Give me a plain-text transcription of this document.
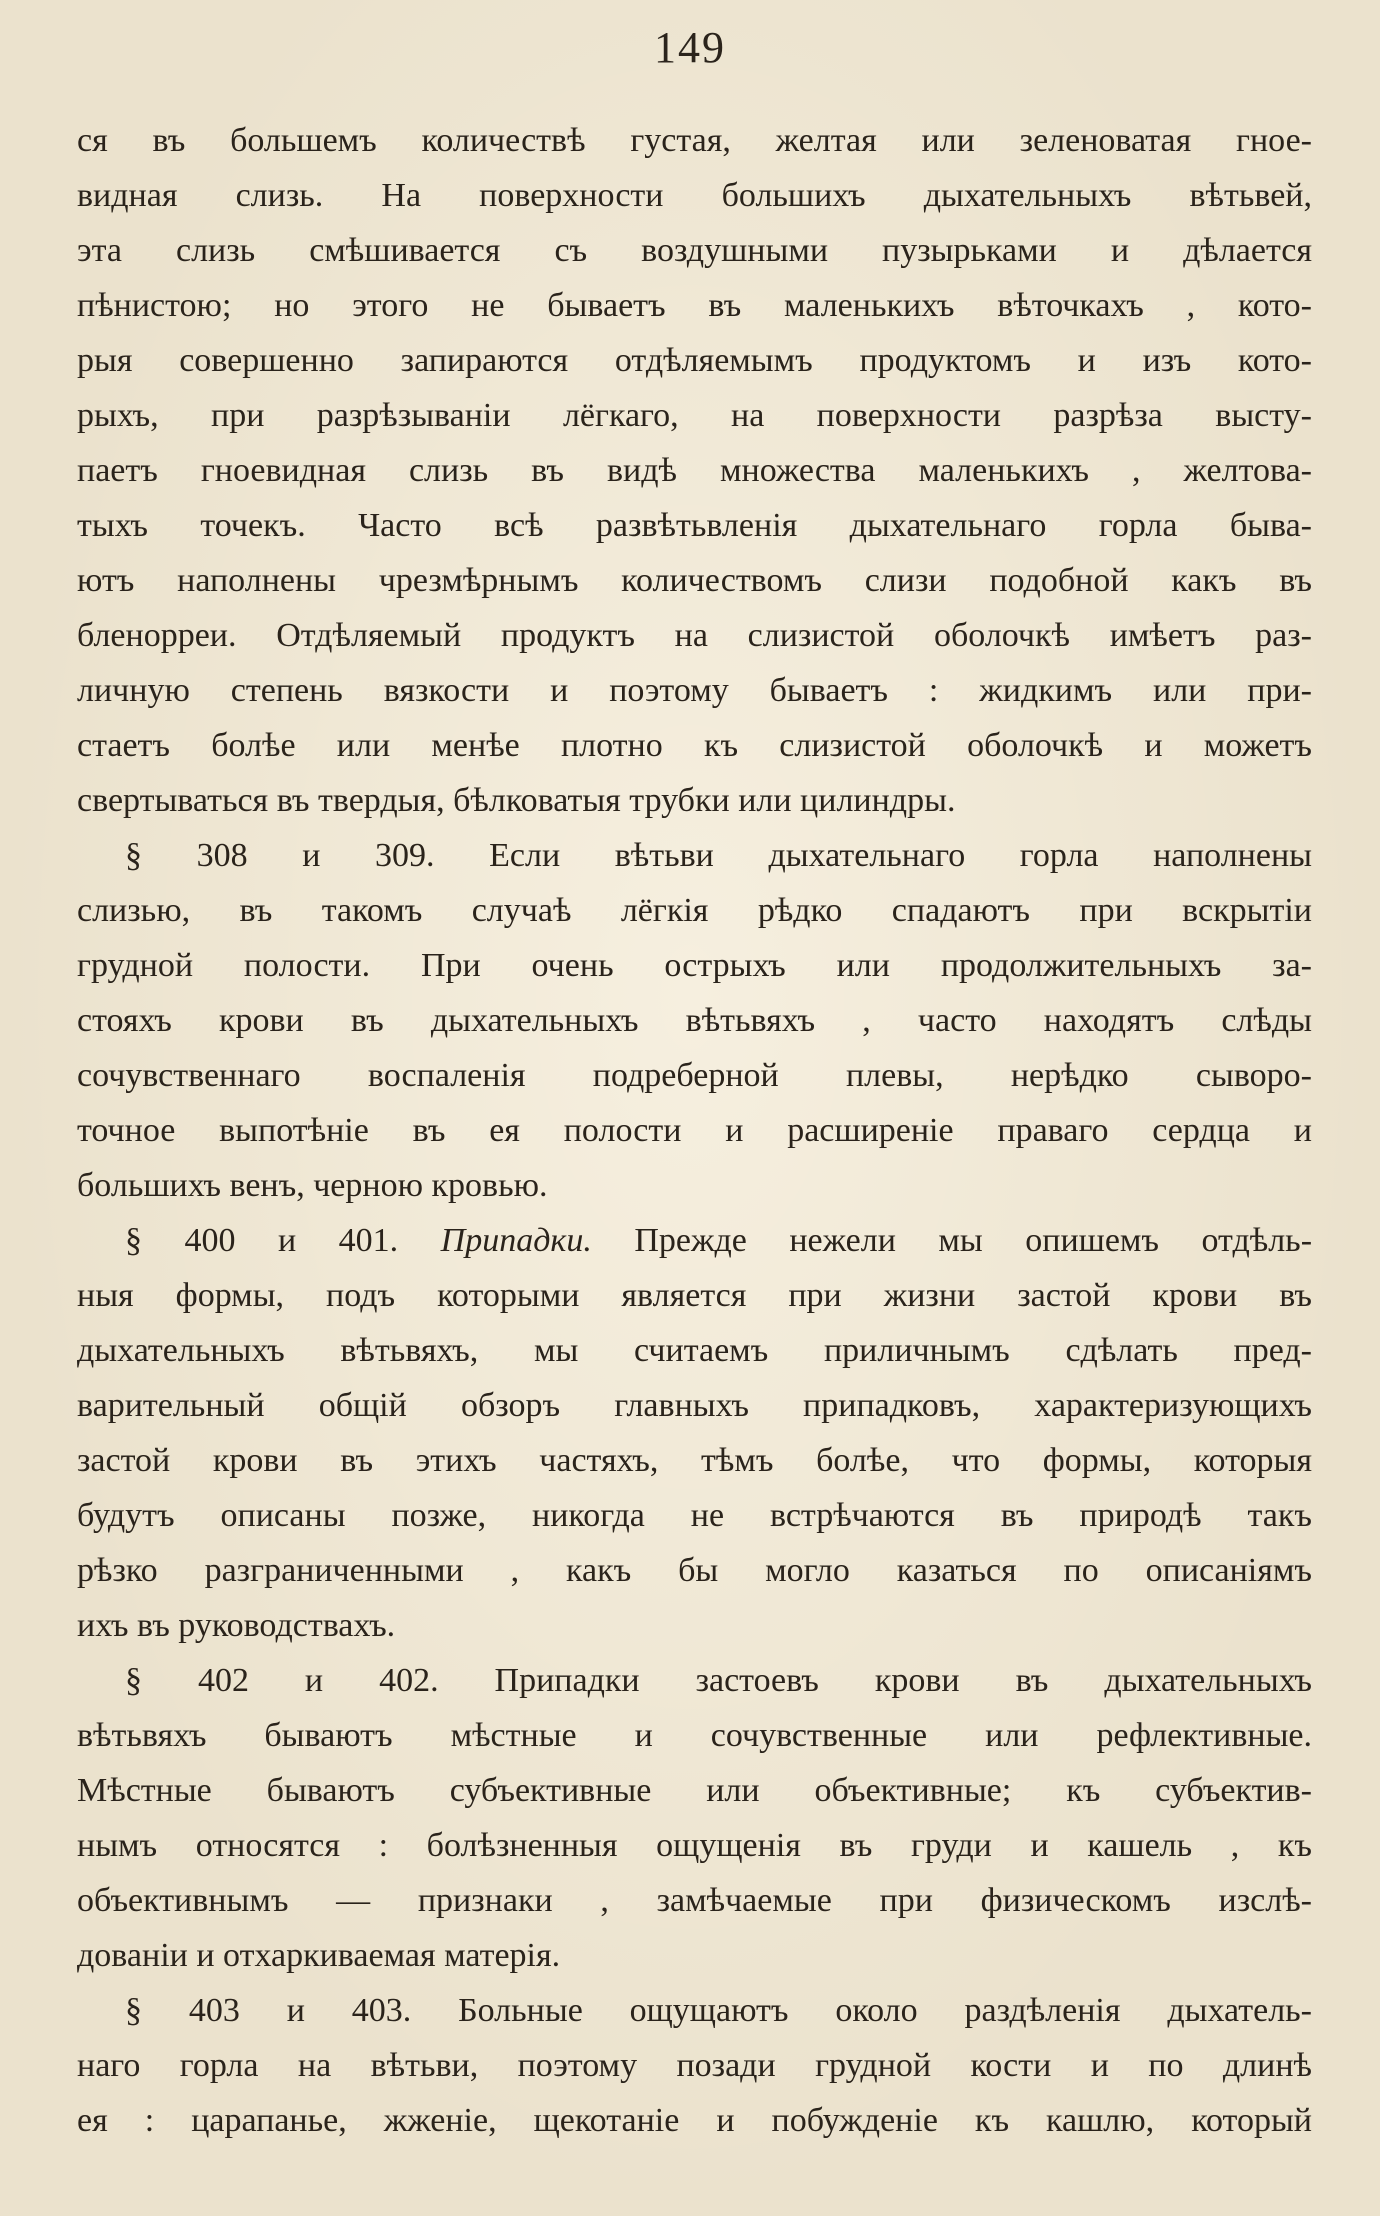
149
ся въ большемъ количествѣ густая, желтая или зеленоватая гное-
видная слизь. На поверхности большихъ дыхательныхъ вѣтьвей,
эта слизь смѣшивается съ воздушными пузырьками и дѣлается
пѣнистою; но этого не бываетъ въ маленькихъ вѣточкахъ , кото-
рыя совершенно запираются отдѣляемымъ продуктомъ и изъ кото-
рыхъ, при разрѣзываніи лёгкаго, на поверхности разрѣза высту-
паетъ гноевидная слизь въ видѣ множества маленькихъ , желтова-
тыхъ точекъ. Часто всѣ развѣтьвленія дыхательнаго горла быва-
ютъ наполнены чрезмѣрнымъ количествомъ слизи подобной какъ въ
бленорреи. Отдѣляемый продуктъ на слизистой оболочкѣ имѣетъ раз-
личную степень вязкости и поэтому бываетъ : жидкимъ или при-
стаетъ болѣе или менѣе плотно къ слизистой оболочкѣ и можетъ
свертываться въ твердыя, бѣлковатыя трубки или цилиндры.
§ 308 и 309. Если вѣтьви дыхательнаго горла наполнены
слизью, въ такомъ случаѣ лёгкія рѣдко спадаютъ при вскрытіи
грудной полости. При очень острыхъ или продолжительныхъ за-
стояхъ крови въ дыхательныхъ вѣтьвяхъ , часто находятъ слѣды
сочувственнаго воспаленія подреберной плевы, нерѣдко сыворо-
точное выпотѣніе въ ея полости и расширеніе праваго сердца и
большихъ венъ, черною кровью.
§ 400 и 401. Припадки. Прежде нежели мы опишемъ отдѣль-
ныя формы, подъ которыми является при жизни застой крови въ
дыхательныхъ вѣтьвяхъ, мы считаемъ приличнымъ сдѣлать пред-
варительный общій обзоръ главныхъ припадковъ, характеризующихъ
застой крови въ этихъ частяхъ, тѣмъ болѣе, что формы, которыя
будутъ описаны позже, никогда не встрѣчаются въ природѣ такъ
рѣзко разграниченными , какъ бы могло казаться по описаніямъ
ихъ въ руководствахъ.
§ 402 и 402. Припадки застоевъ крови въ дыхательныхъ
вѣтьвяхъ бываютъ мѣстные и сочувственные или рефлективные.
Мѣстные бываютъ субъективные или объективные; къ субъектив-
нымъ относятся : болѣзненныя ощущенія въ груди и кашель , къ
объективнымъ — признаки , замѣчаемые при физическомъ изслѣ-
дованіи и отхаркиваемая матерія.
§ 403 и 403. Больные ощущаютъ около раздѣленія дыхатель-
наго горла на вѣтьви, поэтому позади грудной кости и по длинѣ
ея : царапанье, жженіе, щекотаніе и побужденіе къ кашлю, который
